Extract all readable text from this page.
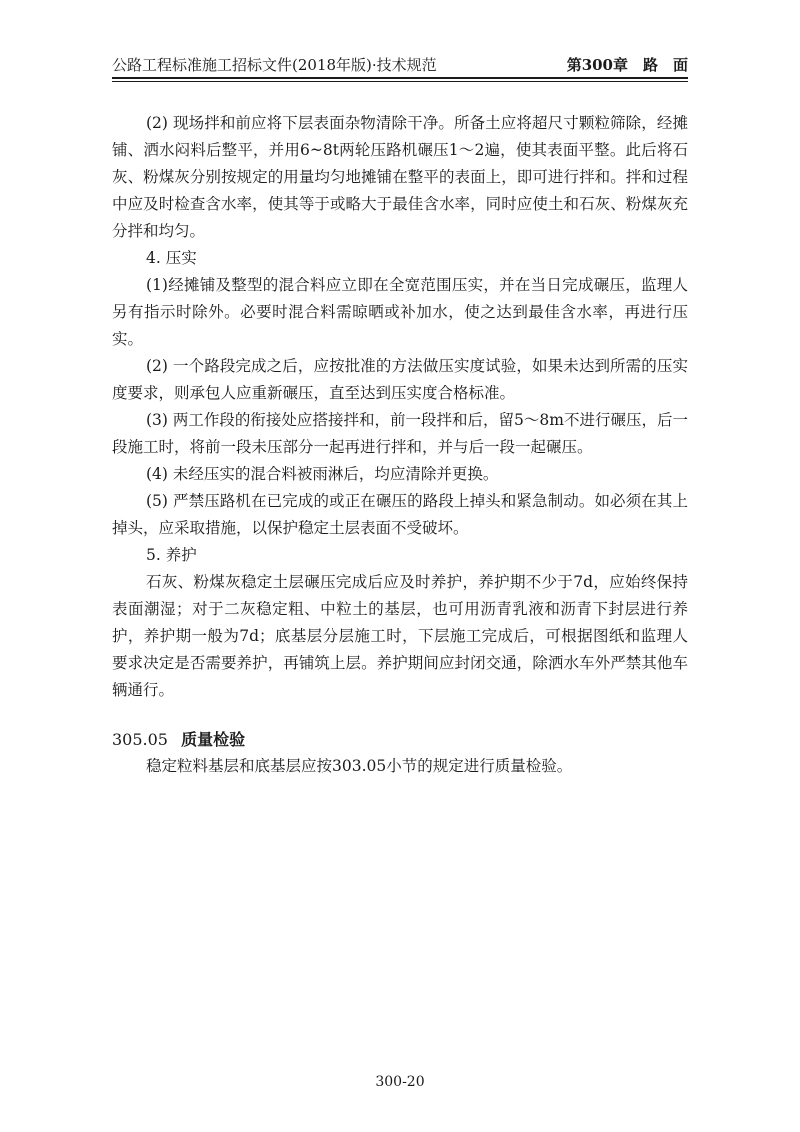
公路工程标准施工招标文件(2018年版)·技术规范	第300章　路　面

(2) 现场拌和前应将下层表面杂物清除干净。所备土应将超尺寸颗粒筛除，经摊铺、洒水闷料后整平，并用6~8t两轮压路机碾压1～2遍，使其表面平整。此后将石灰、粉煤灰分别按规定的用量均匀地摊铺在整平的表面上，即可进行拌和。拌和过程中应及时检查含水率，使其等于或略大于最佳含水率，同时应使土和石灰、粉煤灰充分拌和均匀。

4. 压实

(1)经摊铺及整型的混合料应立即在全宽范围压实，并在当日完成碾压，监理人另有指示时除外。必要时混合料需晾晒或补加水，使之达到最佳含水率，再进行压实。

(2) 一个路段完成之后，应按批准的方法做压实度试验，如果未达到所需的压实度要求，则承包人应重新碾压，直至达到压实度合格标准。

(3) 两工作段的衔接处应搭接拌和，前一段拌和后，留5～8m不进行碾压，后一段施工时，将前一段未压部分一起再进行拌和，并与后一段一起碾压。

(4) 未经压实的混合料被雨淋后，均应清除并更换。

(5) 严禁压路机在已完成的或正在碾压的路段上掉头和紧急制动。如必须在其上掉头，应采取措施，以保护稳定土层表面不受破坏。

5. 养护

石灰、粉煤灰稳定土层碾压完成后应及时养护，养护期不少于7d，应始终保持表面潮湿；对于二灰稳定粗、中粒土的基层，也可用沥青乳液和沥青下封层进行养护，养护期一般为7d；底基层分层施工时，下层施工完成后，可根据图纸和监理人要求决定是否需要养护，再铺筑上层。养护期间应封闭交通，除洒水车外严禁其他车辆通行。

305.05 质量检验

稳定粒料基层和底基层应按303.05小节的规定进行质量检验。

300-20
